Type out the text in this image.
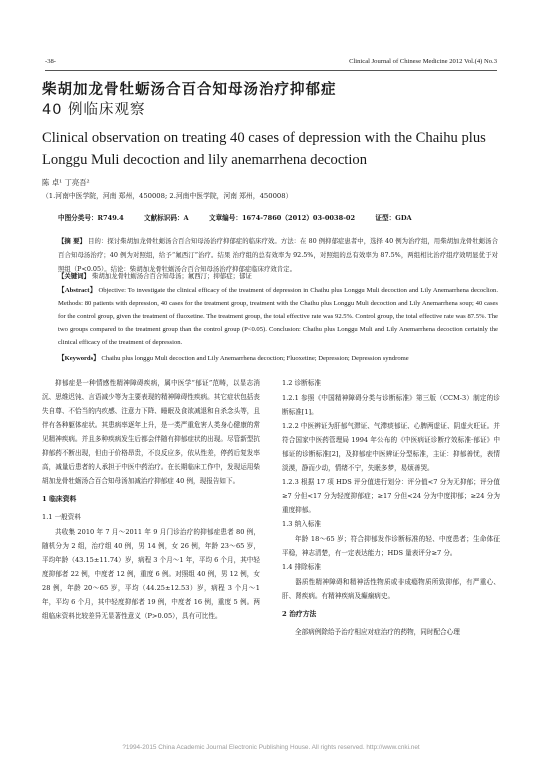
-38-	Clinical Journal of Chinese Medicine 2012 Vol.(4) No.3
柴胡加龙骨牡蛎汤合百合知母汤治疗抑郁症
40 例临床观察
Clinical observation on treating 40 cases of depression with the Chaihu plus Longgu Muli decoction and lily anemarrhena decoction
陈 卓¹ 丁亮吾²
（1.河南中医学院，河南 郑州，450008; 2.河南中医学院，河南 郑州，450008）
中图分类号：R749.4	文献标识码：A	文章编号：1674-7860（2012）03-0038-02	证型：GDA
【摘 要】 目的：探讨柴胡加龙骨牡蛎汤合百合知母汤治疗抑郁症的临床疗效。方法：在 80 例抑郁症患者中，选择 40 例为治疗组，用柴胡加龙骨牡蛎汤合百合知母汤治疗；40 例为对照组，给予“氟西汀”治疗。结果 治疗组的总有效率为 92.5%，对照组的总有效率为 87.5%，两组相比治疗组疗效明显优于对照组（P<0.05）。结论：柴胡加龙骨牡蛎汤合百合知母汤治疗抑郁症临床疗效肯定。
【关键词】 柴胡加龙骨牡蛎汤合百合知母汤；氟西汀；抑郁症；郁证
【Abstract】 Objective: To investigate the clinical efficacy of the treatment of depression in Chaihu plus Longgu Muli decoction and Lily Anemarrhena decoclion. Methods: 80 patients with depression, 40 cases for the treatment group, treatment with the Chaihu plus Longgu Muli decoction and Lily Anemarrhena soup; 40 cases for the control group, given the treatment of fluoxetine. The treatment group, the total effective rate was 92.5%. Control group, the total effective rate was 87.5%. The two groups compared to the treatment group than the control group (P<0.05). Conclusion: Chaihu plus Longgu Muli and Lily Anemarrhena decoction certainly the clinical efficacy of the treatment of depression.
【Keywords】 Chaihu plus longgu Muli decoction and Lily Anemarrhena decoction; Fluoxetine; Depression; Depression syndrome

抑郁症是一种情感性精神障碍疾病，属中医学“郁证”范畴，以显志消沉、思维迟钝、言语减少等为主要表现的精神障碍性疾病。其它症状包括丧失自尊、不恰当的内疚感、注意力下降、睡眠及食欲减退和自杀念头等，且伴有各种躯体症状。其患病率逐年上升，是一类严重危害人类身心健康的常见精神疾病。并且多种疾病发生后都会伴随有抑郁症状的出现。尽管新型抗抑郁药不断出现，但由于价格昂贵，不良反应多，依从性差，停药后复发率高，减量后患者的人承担于中医中药治疗。在长期临床工作中，发现运用柴胡加龙骨牡蛎汤合百合知母汤加减治疗抑郁症 40 例，现报告如下。

1 临床资料
1.1 一般资料

共收集 2010 年 7 月～2011 年 9 月门诊治疗的抑郁症患者 80 例，随机分为 2 组，治疗组 40 例，男 14 例，女 26 例，年龄 23～65 岁，平均年龄（43.15±11.74）岁，病程 3 个月～1 年，平均 6 个月，其中轻度抑郁者 22 例，中度者 12 例，重度 6 例。对照组 40 例，男 12 例，女 28 例，年龄 20～65 岁，平均（44.25±12.53）岁，病程 3 个月～1 年，平均 6 个月，其中轻度抑郁者 19 例，中度者 16 例，重度 5 例。两组临床资料比较差异无显著性意义（P>0.05），具有可比性。

1.2 诊断标准

1.2.1 参照《中国精神障碍分类与诊断标准》第三版（CCM-3）制定的诊断标准[1]。

1.2.2 中医辨证为肝郁气滞证、气滞痰郁证、心脾两虚证、阴虚火旺证。并符合国家中医药管理局 1994 年公布的《中医病证诊断疗效标准·郁证》中郁证的诊断标准[2]，及抑郁症中医辨证分型标准，主证：抑郁善忧，表情淡漠，静而少动，情绪不宁，失眠多梦，易烦善哭。

1.2.3 根据 17 项 HDS 评分值进行划分：评分值<7 分为无抑郁；评分值≥7 分但<17 分为轻度抑郁症；≥17 分但<24 分为中度抑郁；≥24 分为重度抑郁。

1.3 纳入标准

年龄 18～65 岁；符合抑郁发作诊断标准的轻、中度患者；生命体征平稳，神志清楚，有一定表达能力；HDS 量表评分≥7 分。

1.4 排除标准

器质性精神障碍和精神活性物质或非成瘾物质所致抑郁，有严重心、肝、肾疾病。有精神疾病及癫痫病史。

2 治疗方法

全部病例除给予治疗相应对症治疗的药物，同时配合心理

?1994-2015 China Academic Journal Electronic Publishing House. All rights reserved. http://www.cnki.net
